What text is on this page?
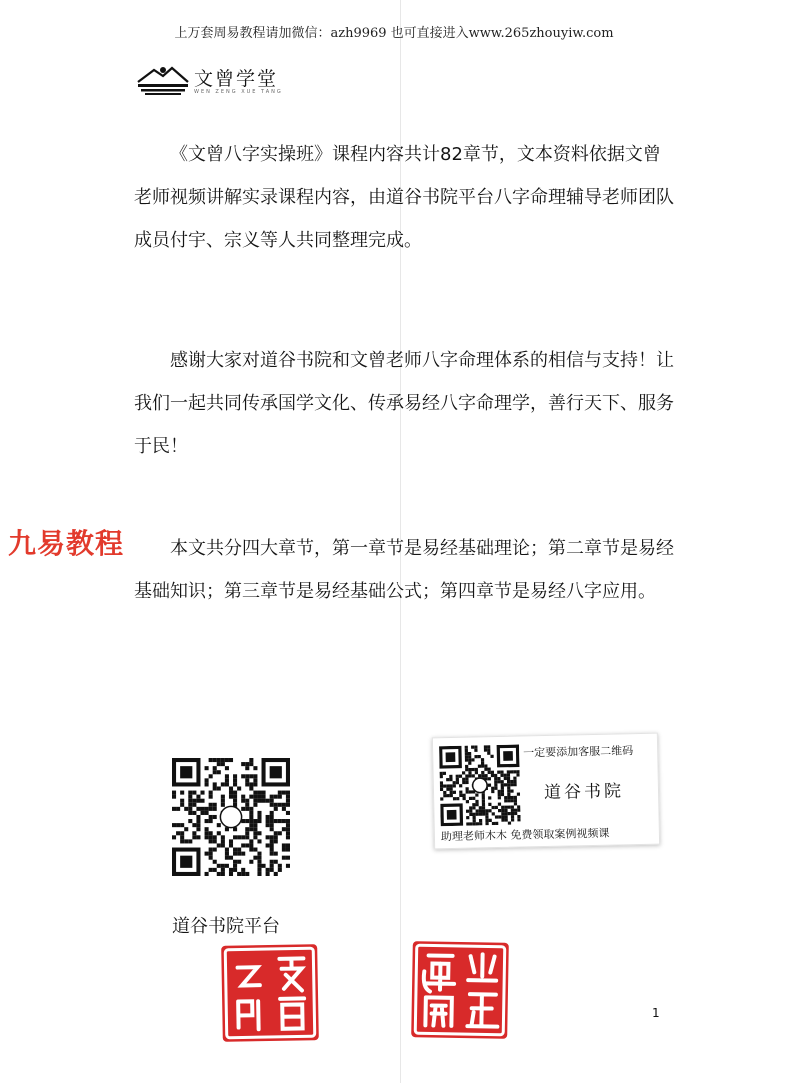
上万套周易教程请加微信：azh9969 也可直接进入www.265zhouyiw.com
文曾学堂
WEN ZENG XUE TANG

《文曾八字实操班》课程内容共计82章节，文本资料依据文曾老师视频讲解实录课程内容，由道谷书院平台八字命理辅导老师团队成员付宇、宗义等人共同整理完成。

感谢大家对道谷书院和文曾老师八字命理体系的相信与支持！让我们一起共同传承国学文化、传承易经八字命理学，善行天下、服务于民！

九易教程	本文共分四大章节，第一章节是易经基础理论；第二章节是易经基础知识；第三章节是易经基础公式；第四章节是易经八字应用。

一定要添加客服二维码
道谷书院
助理老师木木 免费领取案例视频课
道谷书院平台
1
